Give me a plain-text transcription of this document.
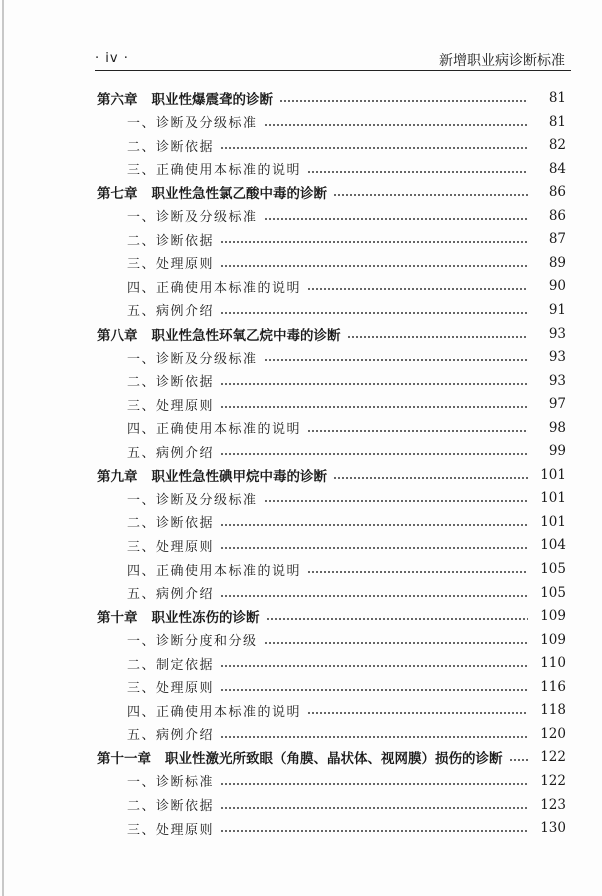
· iv ·	新增职业病诊断标准
第六章 职业性爆震聋的诊断	81
一、诊断及分级标准	81
二、诊断依据	82
三、正确使用本标准的说明	84
第七章 职业性急性氯乙酸中毒的诊断	86
一、诊断及分级标准	86
二、诊断依据	87
三、处理原则	89
四、正确使用本标准的说明	90
五、病例介绍	91
第八章 职业性急性环氧乙烷中毒的诊断	93
一、诊断及分级标准	93
二、诊断依据	93
三、处理原则	97
四、正确使用本标准的说明	98
五、病例介绍	99
第九章 职业性急性碘甲烷中毒的诊断	101
一、诊断及分级标准	101
二、诊断依据	101
三、处理原则	104
四、正确使用本标准的说明	105
五、病例介绍	105
第十章 职业性冻伤的诊断	109
一、诊断分度和分级	109
二、制定依据	110
三、处理原则	116
四、正确使用本标准的说明	118
五、病例介绍	120
第十一章 职业性激光所致眼（角膜、晶状体、视网膜）损伤的诊断	122
一、诊断标准	122
二、诊断依据	123
三、处理原则	130
